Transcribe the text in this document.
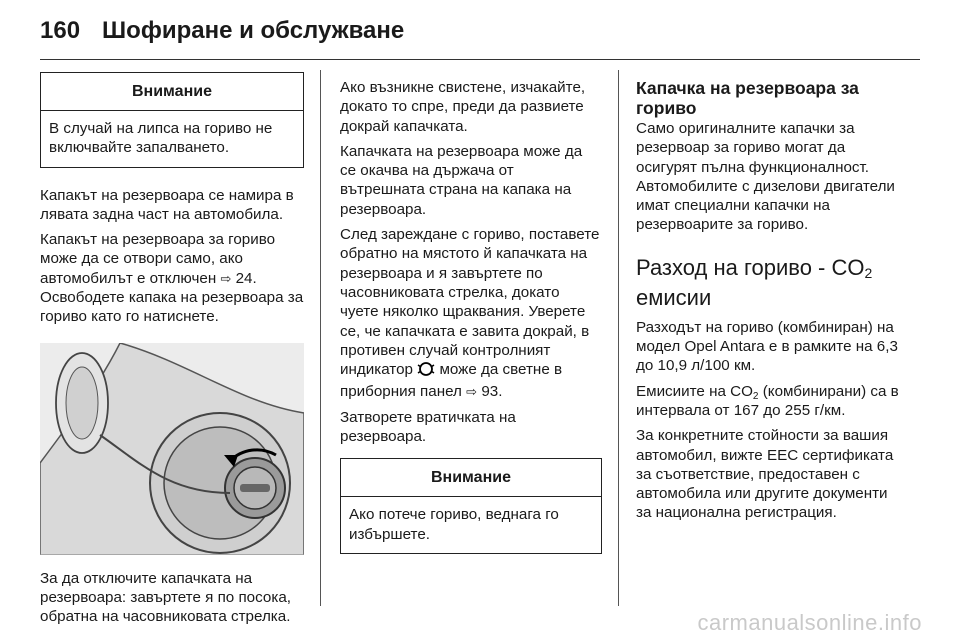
160 Шофиране и обслужване
Внимание
В случай на липса на гориво не включвайте запалването.

Капакът на резервоара се намира в лявата задна част на автомобила.

Капакът на резервоара за гориво може да се отвори само, ако автомобилът е отключен ⇨ 24.
Освободете капака на резервоара за гориво като го натиснете.

За да отключите капачката на резервоара: завъртете я по посока, обратна на часовниковата стрелка.

Ако възникне свистене, изчакайте, докато то спре, преди да развиете докрай капачката.

Капачката на резервоара може да се окачва на държача от вътрешната страна на капака на резервоара.

След зареждане с гориво, поставете обратно на мястото й капачката на резервоара и я завъртете по часовниковата стрелка, докато чуете няколко щраквания. Уверете се, че капачката е завита докрай, в противен случай контролният индикатор може да светне в приборния панел ⇨ 93.

Затворете вратичката на резервоара.

Внимание
Ако потече гориво, веднага го избършете.
Капачка на резервоара за гориво

Само оригиналните капачки за резервоар за гориво могат да осигурят пълна функционалност. Автомобилите с дизелови двигатели имат специални капачки на резервоарите за гориво.

Разход на гориво - $CO_2$
емисии

Разходът на гориво (комбиниран) на модел Opel Antara е в рамките на 6,3 до 10,9 л/100 км.

Емисиите на $CO_2$ (комбинирани) са в интервала от 167 до 255 г/км.

За конкретните стойности за вашия автомобил, вижте ЕЕС сертификата за съответствие, предоставен с автомобила или другите документи за национална регистрация.

carmanualsonline.info
